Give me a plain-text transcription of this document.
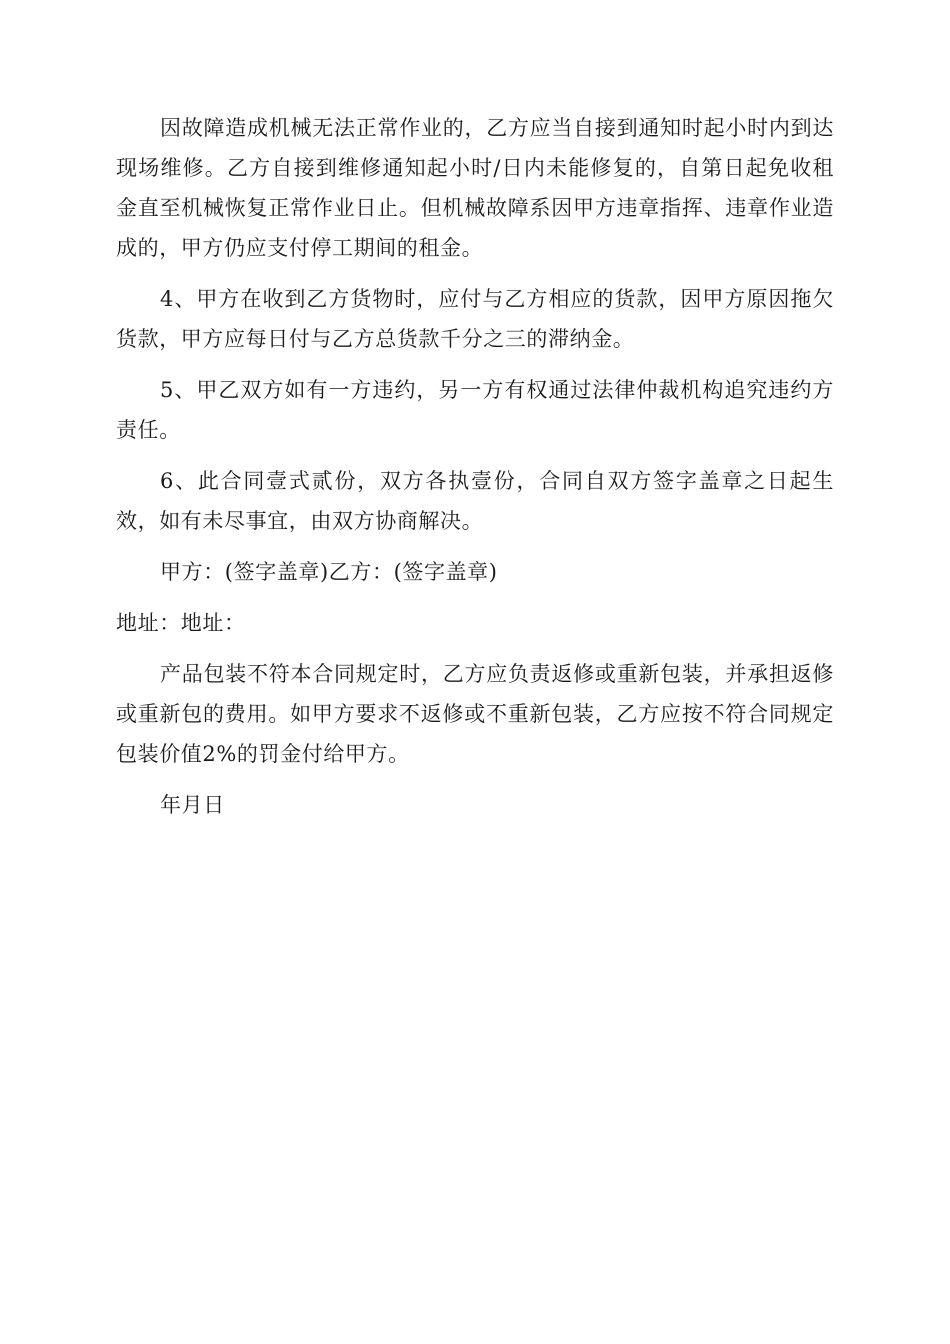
因故障造成机械无法正常作业的，乙方应当自接到通知时起小时内到达现场维修。乙方自接到维修通知起小时/日内未能修复的，自第日起免收租金直至机械恢复正常作业日止。但机械故障系因甲方违章指挥、违章作业造成的，甲方仍应支付停工期间的租金。

4、甲方在收到乙方货物时，应付与乙方相应的货款，因甲方原因拖欠货款，甲方应每日付与乙方总货款千分之三的滞纳金。

5、甲乙双方如有一方违约，另一方有权通过法律仲裁机构追究违约方责任。

6、此合同壹式贰份，双方各执壹份，合同自双方签字盖章之日起生效，如有未尽事宜，由双方协商解决。

甲方：(签字盖章)乙方：(签字盖章)

地址：地址：

产品包装不符本合同规定时，乙方应负责返修或重新包装，并承担返修或重新包的费用。如甲方要求不返修或不重新包装，乙方应按不符合同规定包装价值2%的罚金付给甲方。

年月日
